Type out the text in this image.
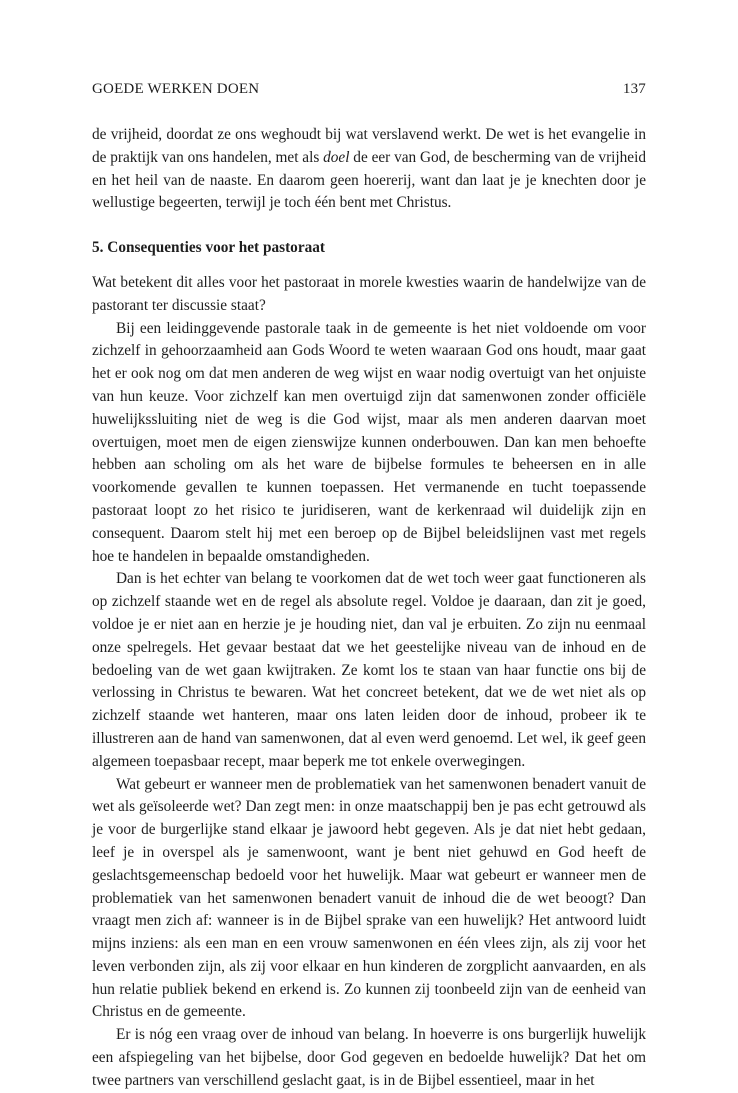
GOEDE WERKEN DOEN	137

de vrijheid, doordat ze ons weghoudt bij wat verslavend werkt. De wet is het evangelie in de praktijk van ons handelen, met als doel de eer van God, de bescherming van de vrijheid en het heil van de naaste. En daarom geen hoererij, want dan laat je je knechten door je wellustige begeerten, terwijl je toch één bent met Christus.

5. Consequenties voor het pastoraat

Wat betekent dit alles voor het pastoraat in morele kwesties waarin de handelwijze van de pastorant ter discussie staat?

Bij een leidinggevende pastorale taak in de gemeente is het niet voldoende om voor zichzelf in gehoorzaamheid aan Gods Woord te weten waaraan God ons houdt, maar gaat het er ook nog om dat men anderen de weg wijst en waar nodig overtuigt van het onjuiste van hun keuze. Voor zichzelf kan men overtuigd zijn dat samenwonen zonder officiële huwelijkssluiting niet de weg is die God wijst, maar als men anderen daarvan moet overtuigen, moet men de eigen zienswijze kunnen onderbouwen. Dan kan men behoefte hebben aan scholing om als het ware de bijbelse formules te beheersen en in alle voorkomende gevallen te kunnen toepassen. Het vermanende en tucht toepassende pastoraat loopt zo het risico te juridiseren, want de kerkenraad wil duidelijk zijn en consequent. Daarom stelt hij met een beroep op de Bijbel beleidslijnen vast met regels hoe te handelen in bepaalde omstandigheden.

Dan is het echter van belang te voorkomen dat de wet toch weer gaat functioneren als op zichzelf staande wet en de regel als absolute regel. Voldoe je daaraan, dan zit je goed, voldoe je er niet aan en herzie je je houding niet, dan val je erbuiten. Zo zijn nu eenmaal onze spelregels. Het gevaar bestaat dat we het geestelijke niveau van de inhoud en de bedoeling van de wet gaan kwijtraken. Ze komt los te staan van haar functie ons bij de verlossing in Christus te bewaren. Wat het concreet betekent, dat we de wet niet als op zichzelf staande wet hanteren, maar ons laten leiden door de inhoud, probeer ik te illustreren aan de hand van samenwonen, dat al even werd genoemd. Let wel, ik geef geen algemeen toepasbaar recept, maar beperk me tot enkele overwegingen.

Wat gebeurt er wanneer men de problematiek van het samenwonen benadert vanuit de wet als geïsoleerde wet? Dan zegt men: in onze maatschappij ben je pas echt getrouwd als je voor de burgerlijke stand elkaar je jawoord hebt gegeven. Als je dat niet hebt gedaan, leef je in overspel als je samenwoont, want je bent niet gehuwd en God heeft de geslachtsgemeenschap bedoeld voor het huwelijk. Maar wat gebeurt er wanneer men de problematiek van het samenwonen benadert vanuit de inhoud die de wet beoogt? Dan vraagt men zich af: wanneer is in de Bijbel sprake van een huwelijk? Het antwoord luidt mijns inziens: als een man en een vrouw samenwonen en één vlees zijn, als zij voor het leven verbonden zijn, als zij voor elkaar en hun kinderen de zorgplicht aanvaarden, en als hun relatie publiek bekend en erkend is. Zo kunnen zij toonbeeld zijn van de eenheid van Christus en de gemeente.

Er is nóg een vraag over de inhoud van belang. In hoeverre is ons burgerlijk huwelijk een afspiegeling van het bijbelse, door God gegeven en bedoelde huwelijk? Dat het om twee partners van verschillend geslacht gaat, is in de Bijbel essentieel, maar in het
